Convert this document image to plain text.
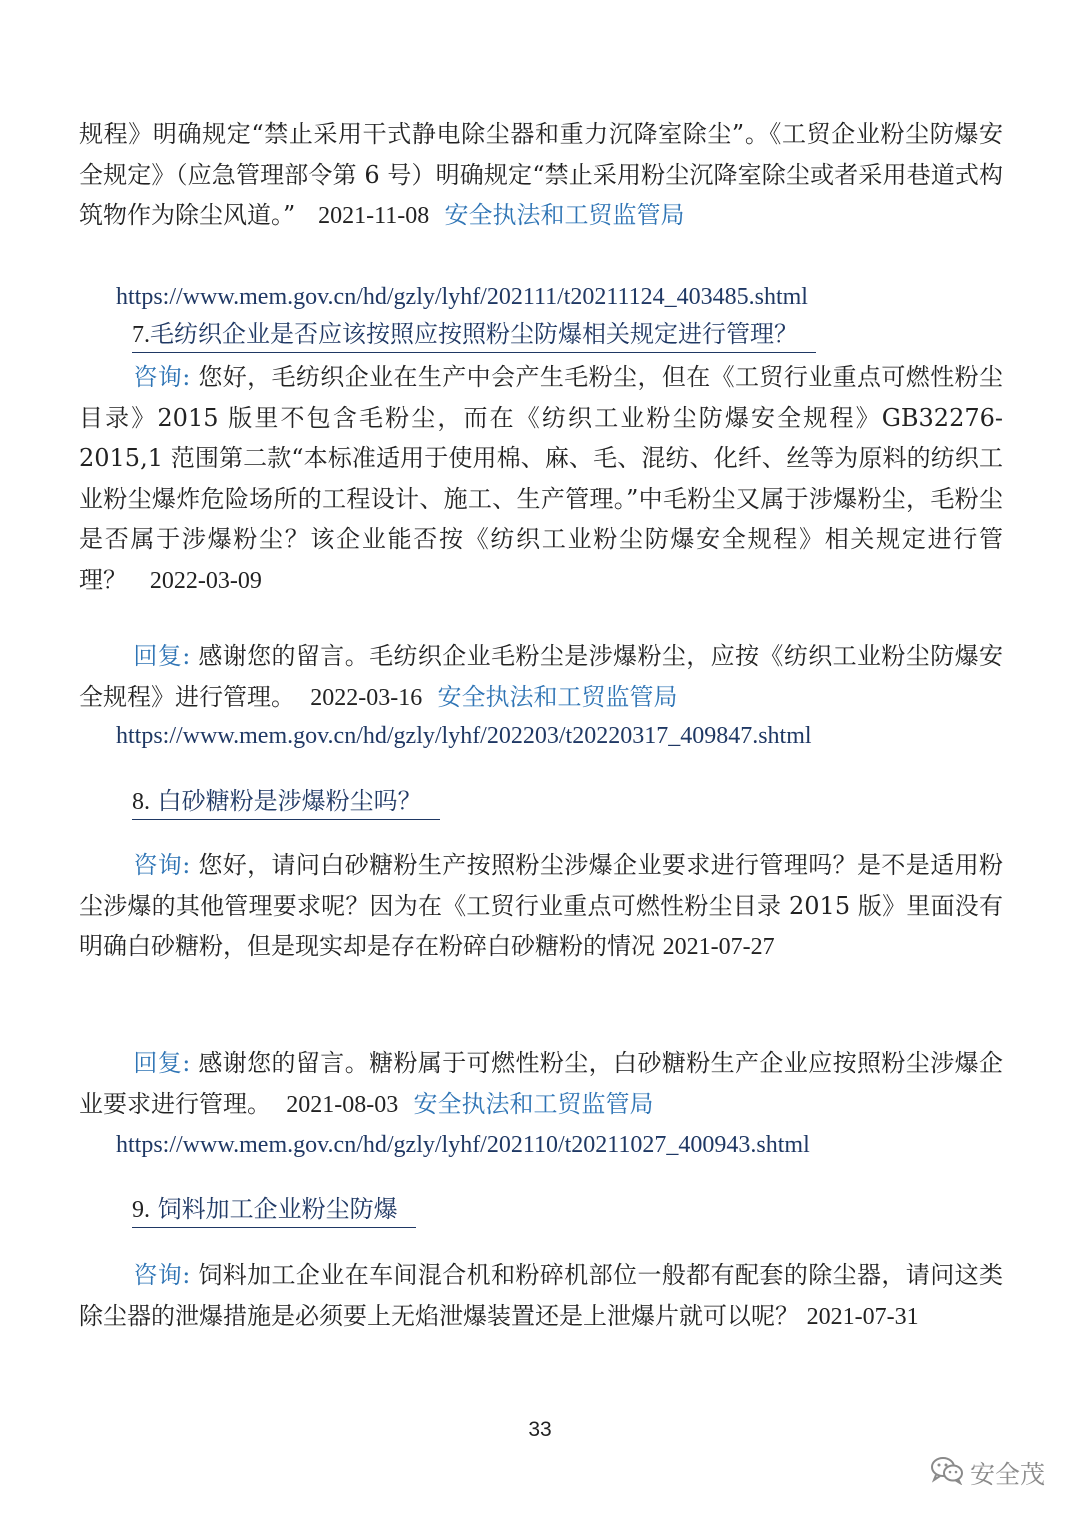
规程》明确规定“禁止采用干式静电除尘器和重力沉降室除尘”。《工贸企业粉尘防爆安全规定》（应急管理部令第 6 号）明确规定“禁止采用粉尘沉降室除尘或者采用巷道式构筑物作为除尘风道。” 2021-11-08 安全执法和工贸监管局

https://www.mem.gov.cn/hd/gzly/lyhf/202111/t20211124_403485.shtml
7.毛纺织企业是否应该按照应按照粉尘防爆相关规定进行管理？

咨询: 您好，毛纺织企业在生产中会产生毛粉尘，但在《工贸行业重点可燃性粉尘目录》2015 版里不包含毛粉尘，而在《纺织工业粉尘防爆安全规程》GB32276-2015,1 范围第二款“本标准适用于使用棉、麻、毛、混纺、化纤、丝等为原料的纺织工业粉尘爆炸危险场所的工程设计、施工、生产管理。”中毛粉尘又属于涉爆粉尘，毛粉尘是否属于涉爆粉尘？该企业能否按《纺织工业粉尘防爆安全规程》相关规定进行管理？ 2022-03-09

回复: 感谢您的留言。毛纺织企业毛粉尘是涉爆粉尘，应按《纺织工业粉尘防爆安全规程》进行管理。 2022-03-16 安全执法和工贸监管局

https://www.mem.gov.cn/hd/gzly/lyhf/202203/t20220317_409847.shtml
8. 白砂糖粉是涉爆粉尘吗？

咨询: 您好，请问白砂糖粉生产按照粉尘涉爆企业要求进行管理吗？是不是适用粉尘涉爆的其他管理要求呢？因为在《工贸行业重点可燃性粉尘目录 2015 版》里面没有明确白砂糖粉，但是现实却是存在粉碎白砂糖粉的情况 2021-07-27

回复: 感谢您的留言。糖粉属于可燃性粉尘，白砂糖粉生产企业应按照粉尘涉爆企业要求进行管理。 2021-08-03 安全执法和工贸监管局

https://www.mem.gov.cn/hd/gzly/lyhf/202110/t20211027_400943.shtml
9. 饲料加工企业粉尘防爆

咨询: 饲料加工企业在车间混合机和粉碎机部位一般都有配套的除尘器，请问这类除尘器的泄爆措施是必须要上无焰泄爆装置还是上泄爆片就可以呢？ 2021-07-31

33
安全茂
